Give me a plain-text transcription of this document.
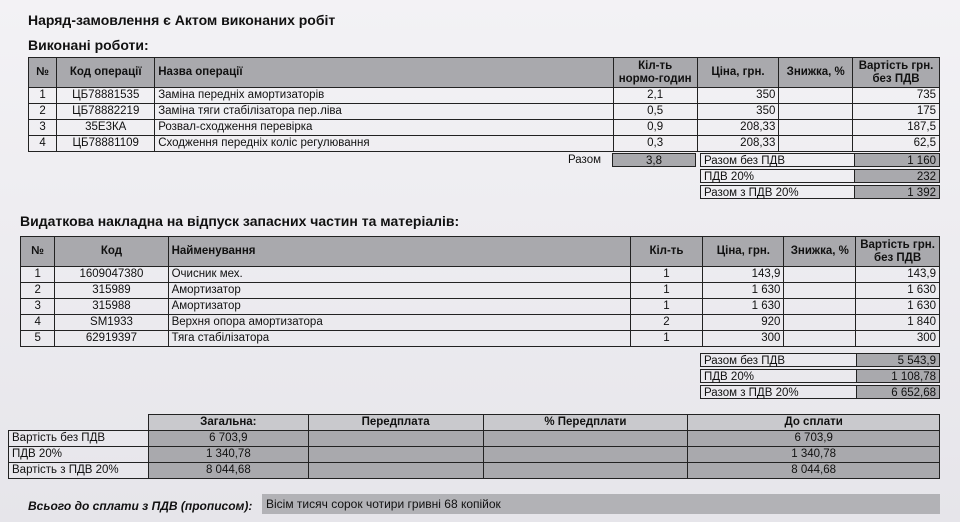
Наряд-замовлення є Актом виконаних робіт
Виконані роботи:
№	Код операції	Назва операції	Кіл-ть нормо-годин	Ціна, грн.	Знижка, %	Вартість грн. без ПДВ
1	ЦБ78881535	Заміна передніх амортизаторів	2,1	350		735
2	ЦБ78882219	Заміна тяги стабілізатора пер.ліва	0,5	350		175
3	35Е3КА	Розвал-сходження перевірка	0,9	208,33		187,5
4	ЦБ78881109	Сходження передніх коліс регулювання	0,3	208,33		62,5
Разом	3,8	Разом без ПДВ	1 160
ПДВ 20%	232
Разом з ПДВ 20%	1 392
Видаткова накладна на відпуск запасних частин та матеріалів:
№	Код	Найменування	Кіл-ть	Ціна, грн.	Знижка, %	Вартість грн. без ПДВ
1	1609047380	Очисник мех.	1	143,9		143,9
2	315989	Амортизатор	1	1 630		1 630
3	315988	Амортизатор	1	1 630		1 630
4	SM1933	Верхня опора амортизатора	2	920		1 840
5	62919397	Тяга стабілізатора	1	300		300
Разом без ПДВ	5 543,9
ПДВ 20%	1 108,78
Разом з ПДВ 20%	6 652,68
	Загальна:	Передплата	% Передплати	До сплати
Вартість без ПДВ	6 703,9			6 703,9
ПДВ 20%	1 340,78			1 340,78
Вартість з ПДВ 20%	8 044,68			8 044,68
Всього до сплати з ПДВ (прописом):	Вісім тисяч сорок чотири гривні 68 копійок
